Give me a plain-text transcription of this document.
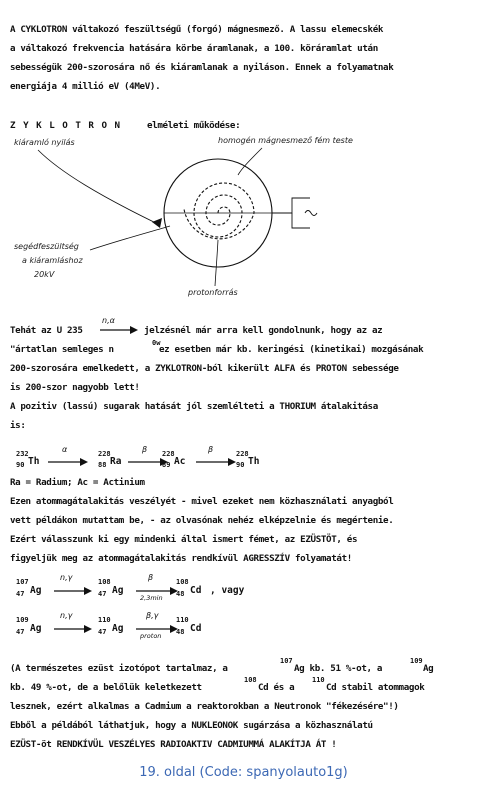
A CYKLOTRON váltakozó feszültségű (forgó) mágnesmező. A lassu elemecskék
a váltakozó frekvencia hatására körbe áramlanak, a 100. köráramlat után
sebességük 200-szorosára nő és kiáramlanak a nyiláson. Ennek a folyamatnak
energiája 4 millió eV (4MeV).
Z Y K L O T R O N	elméleti működése:
kiáramló nyilás	homogén mágnesmező fém teste
segédfeszültség
a kiáramláshoz
20kV
protonforrás
Tehát az U 235
n,α
jelzésnél már arra kell gondolnunk, hogy az az
"ártatlan semleges n
0w
ez esetben már kb. keringési (kinetikai) mozgásának
200-szorosára emelkedett, a ZYKLOTRON-ból kikerült ALFA és PROTON sebessége
is 200-szor nagyobb lett!
A pozitiv (lassú) sugarak hatását jól szemlélteti a THORIUM átalakitása
is:
232
90 Th
α	228
88 Ra
β 228
89 Ac
β	228
90 Th
Ra = Radium; Ac = Actinium
Ezen atommagátalakitás veszélyét - mivel ezeket nem közhasználati anyagból
vett példákon mutattam be, - az olvasónak nehéz elképzelnie és megértenie.
Ezért válasszunk ki egy mindenki által ismert fémet, az EZÜSTÖT, és
figyeljük meg az atommagátalakitás rendkívül AGRESSZÍV folyamatát!
107
47 Ag
n,γ	108
47 Ag
β
2,3min
108
48 Cd , vagy
109
47 Ag
n,γ	110
47 Ag
β,γ
proton
110
48 Cd
(A természetes ezüst izotópot tartalmaz, a
107
Ag kb. 51 %-ot, a
109
Ag
kb. 49 %-ot, de a belőlük keletkezett
108
Cd és a
110
Cd stabil atommagok
lesznek, ezért alkalmas a Cadmium a reaktorokban a Neutronok "fékezésére"!)
Ebből a példából láthatjuk, hogy a NUKLEONOK sugárzása a közhasználatú
EZÜST-öt RENDKÍVÜL VESZÉLYES RADIOAKTIV CADMIUMMÁ ALAKÍTJA ÁT !
19. oldal (Code: spanyolauto1g)
